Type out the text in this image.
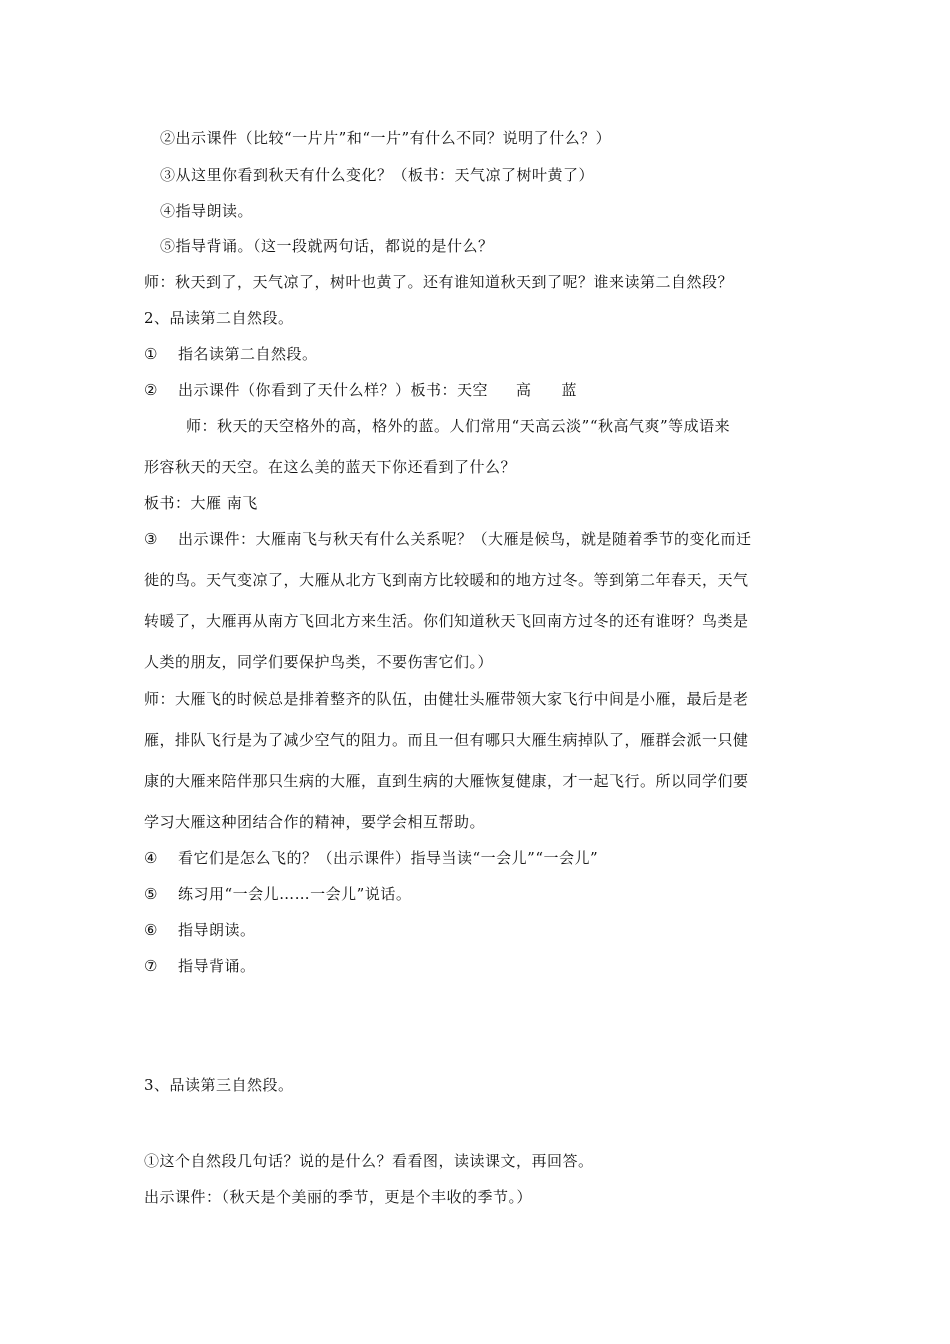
②出示课件（比较“一片片”和“一片”有什么不同？说明了什么？）
③从这里你看到秋天有什么变化？（板书：天气凉了树叶黄了）
④指导朗读。
⑤指导背诵。（这一段就两句话，都说的是什么？
师：秋天到了，天气凉了，树叶也黄了。还有谁知道秋天到了呢？谁来读第二自然段？
2、品读第二自然段。
① 指名读第二自然段。
② 出示课件（你看到了天什么样？）板书：天空 高 蓝
师：秋天的天空格外的高，格外的蓝。人们常用“天高云淡”“秋高气爽”等成语来
形容秋天的天空。在这么美的蓝天下你还看到了什么？
板书：大雁 南飞
③ 出示课件：大雁南飞与秋天有什么关系呢？（大雁是候鸟，就是随着季节的变化而迁
徙的鸟。天气变凉了，大雁从北方飞到南方比较暖和的地方过冬。等到第二年春天，天气
转暖了，大雁再从南方飞回北方来生活。你们知道秋天飞回南方过冬的还有谁呀？鸟类是
人类的朋友，同学们要保护鸟类，不要伤害它们。）
师：大雁飞的时候总是排着整齐的队伍，由健壮头雁带领大家飞行中间是小雁，最后是老
雁，排队飞行是为了减少空气的阻力。而且一但有哪只大雁生病掉队了，雁群会派一只健
康的大雁来陪伴那只生病的大雁，直到生病的大雁恢复健康，才一起飞行。所以同学们要
学习大雁这种团结合作的精神，要学会相互帮助。
④ 看它们是怎么飞的？（出示课件）指导当读“一会儿”“一会儿”
⑤ 练习用“一会儿……一会儿”说话。
⑥ 指导朗读。
⑦ 指导背诵。
3、品读第三自然段。
①这个自然段几句话？说的是什么？看看图，读读课文，再回答。
出示课件：（秋天是个美丽的季节，更是个丰收的季节。）
